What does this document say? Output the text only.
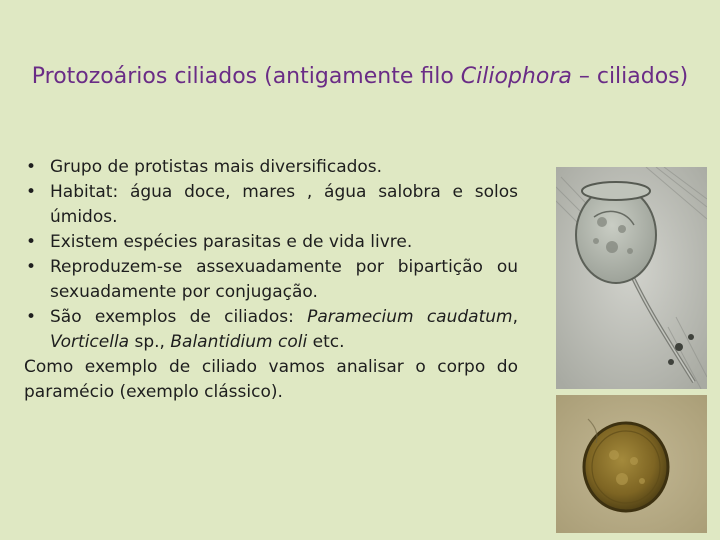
Protozoários ciliados (antigamente filo Ciliophora – ciliados)
• Grupo de protistas mais diversificados.
• Habitat: água doce, mares , água salobra e solos úmidos.
• Existem espécies parasitas e de vida livre.
• Reproduzem-se assexuadamente por bipartição ou sexuadamente por conjugação.
• São exemplos de ciliados: Paramecium caudatum, Vorticella sp., Balantidium coli etc.

Como exemplo de ciliado vamos analisar o corpo do paramécio (exemplo clássico).
